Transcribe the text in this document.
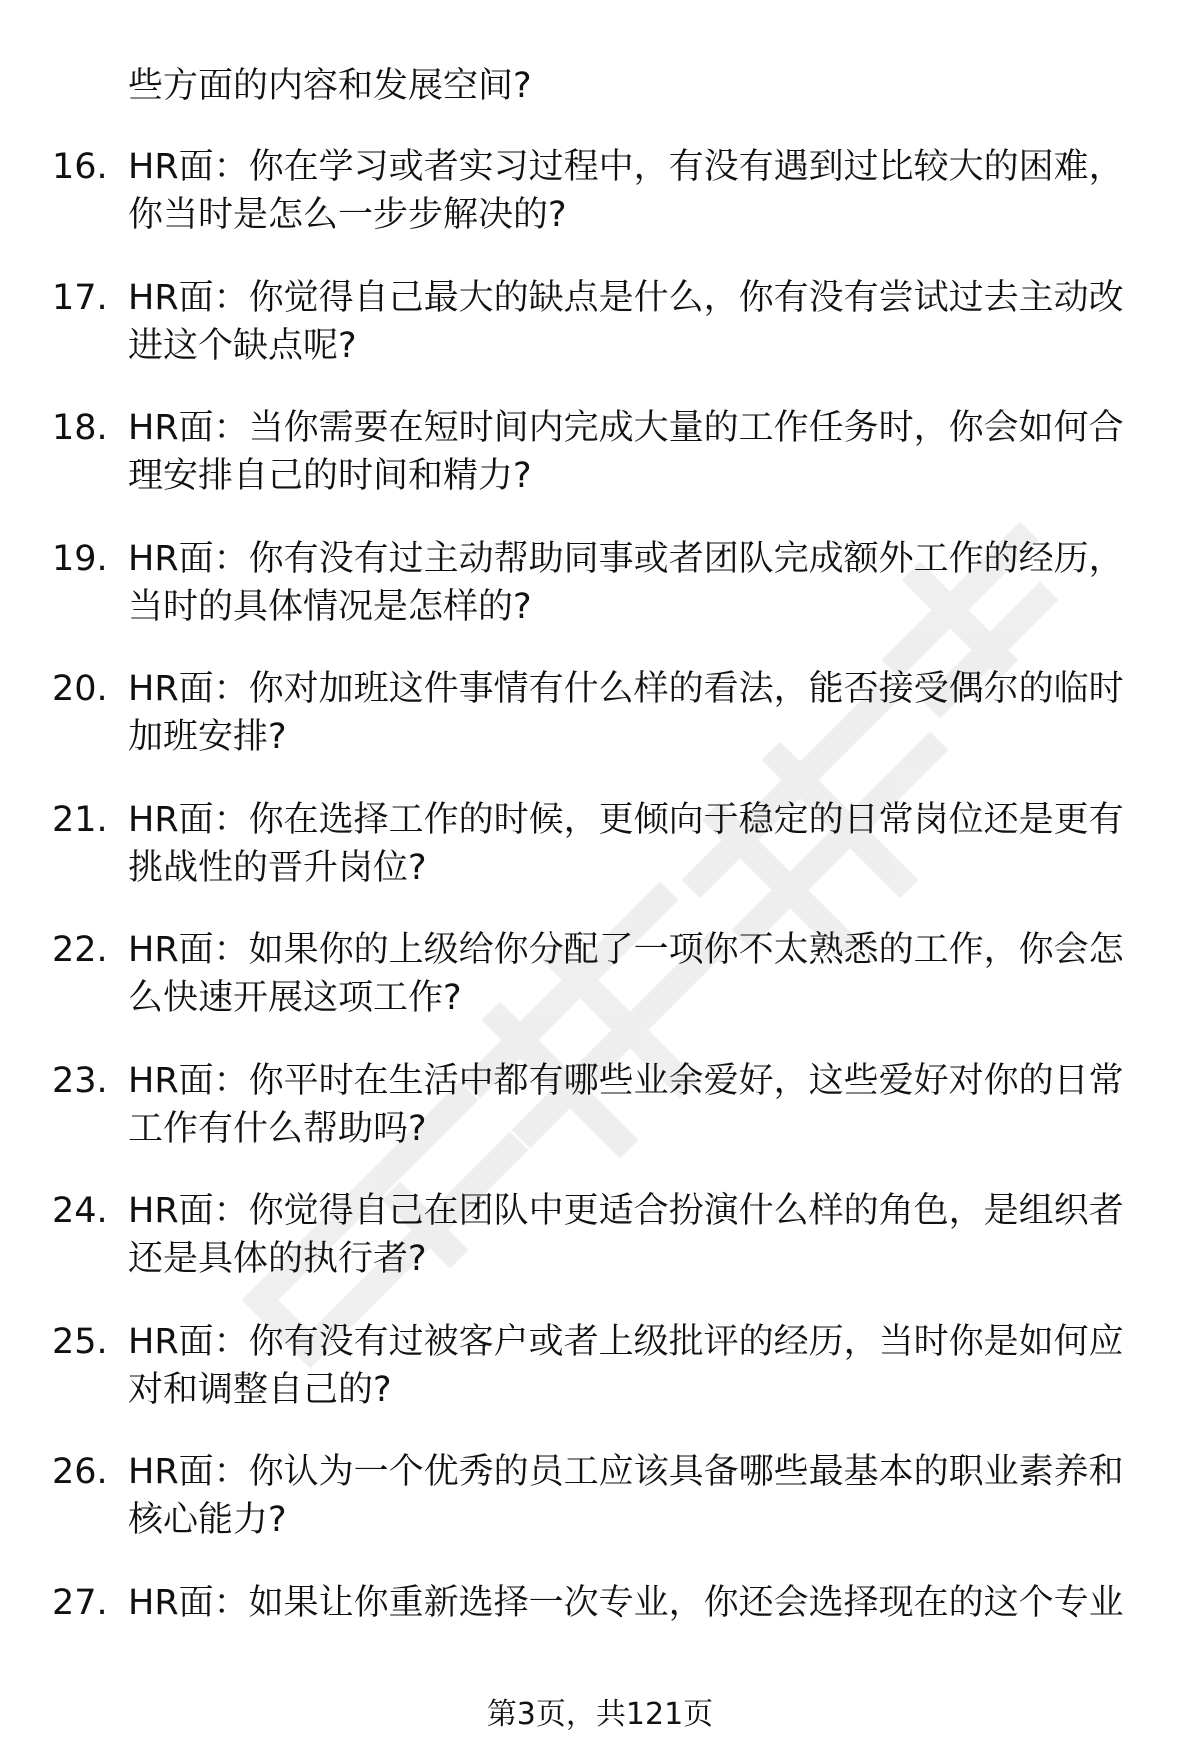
些方面的内容和发展空间?
16. HR面：你在学习或者实习过程中，有没有遇到过比较大的困难，你当时是怎么一步步解决的?
17. HR面：你觉得自己最大的缺点是什么，你有没有尝试过去主动改进这个缺点呢?
18. HR面：当你需要在短时间内完成大量的工作任务时，你会如何合理安排自己的时间和精力?
19. HR面：你有没有过主动帮助同事或者团队完成额外工作的经历，当时的具体情况是怎样的?
20. HR面：你对加班这件事情有什么样的看法，能否接受偶尔的临时加班安排?
21. HR面：你在选择工作的时候，更倾向于稳定的日常岗位还是更有挑战性的晋升岗位?
22. HR面：如果你的上级给你分配了一项你不太熟悉的工作，你会怎么快速开展这项工作?
23. HR面：你平时在生活中都有哪些业余爱好，这些爱好对你的日常工作有什么帮助吗?
24. HR面：你觉得自己在团队中更适合扮演什么样的角色，是组织者还是具体的执行者?
25. HR面：你有没有过被客户或者上级批评的经历，当时你是如何应对和调整自己的?
26. HR面：你认为一个优秀的员工应该具备哪些最基本的职业素养和核心能力?
27. HR面：如果让你重新选择一次专业，你还会选择现在的这个专业
第3页，共121页
